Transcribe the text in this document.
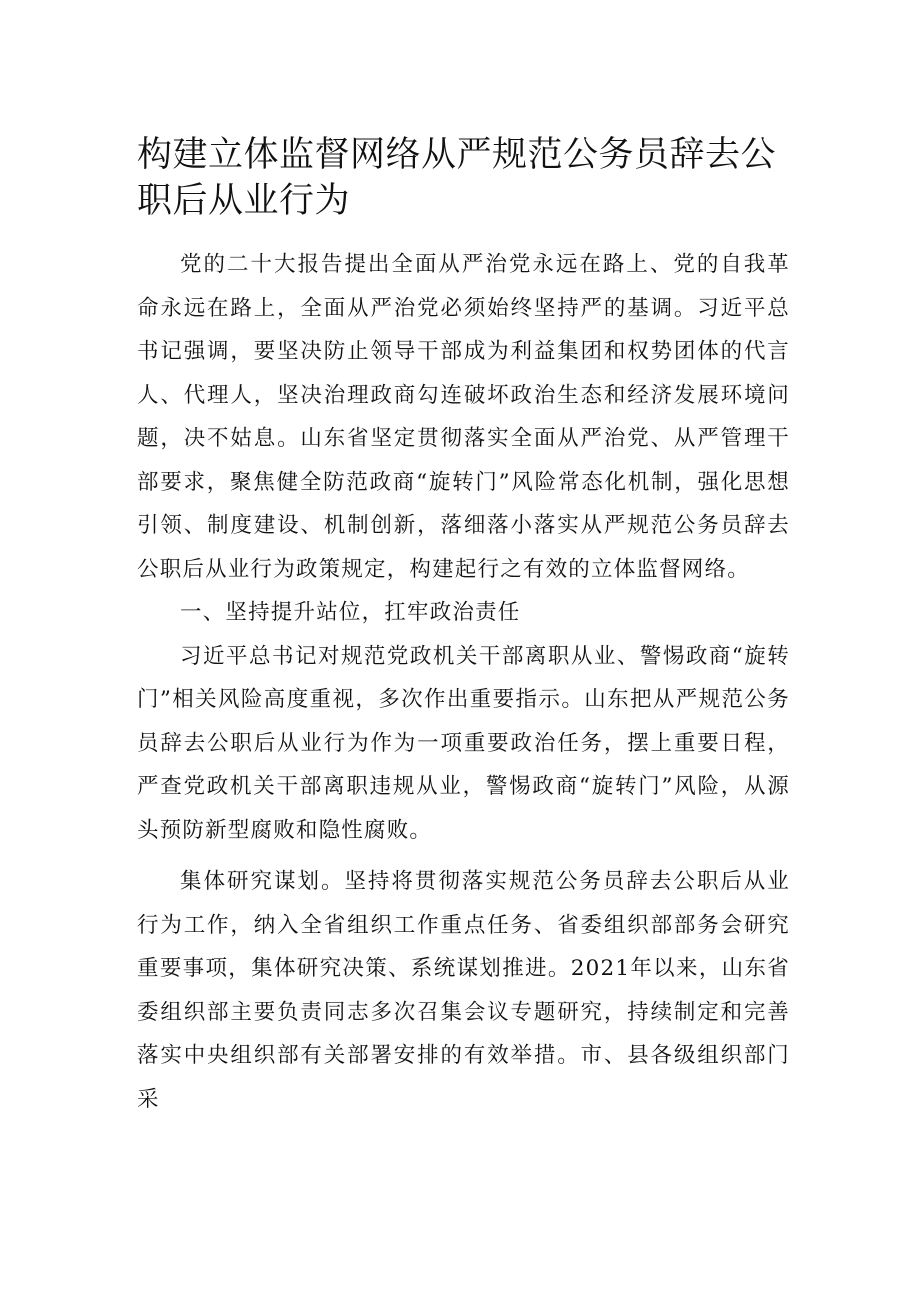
构建立体监督网络从严规范公务员辞去公职后从业行为

党的二十大报告提出全面从严治党永远在路上、党的自我革命永远在路上，全面从严治党必须始终坚持严的基调。习近平总书记强调，要坚决防止领导干部成为利益集团和权势团体的代言人、代理人，坚决治理政商勾连破坏政治生态和经济发展环境问题，决不姑息。山东省坚定贯彻落实全面从严治党、从严管理干部要求，聚焦健全防范政商“旋转门”风险常态化机制，强化思想引领、制度建设、机制创新，落细落小落实从严规范公务员辞去公职后从业行为政策规定，构建起行之有效的立体监督网络。

一、坚持提升站位，扛牢政治责任

习近平总书记对规范党政机关干部离职从业、警惕政商“旋转门”相关风险高度重视，多次作出重要指示。山东把从严规范公务员辞去公职后从业行为作为一项重要政治任务，摆上重要日程，严查党政机关干部离职违规从业，警惕政商“旋转门”风险，从源头预防新型腐败和隐性腐败。

集体研究谋划。坚持将贯彻落实规范公务员辞去公职后从业行为工作，纳入全省组织工作重点任务、省委组织部部务会研究重要事项，集体研究决策、系统谋划推进。2021年以来，山东省委组织部主要负责同志多次召集会议专题研究，持续制定和完善落实中央组织部有关部署安排的有效举措。市、县各级组织部门采
